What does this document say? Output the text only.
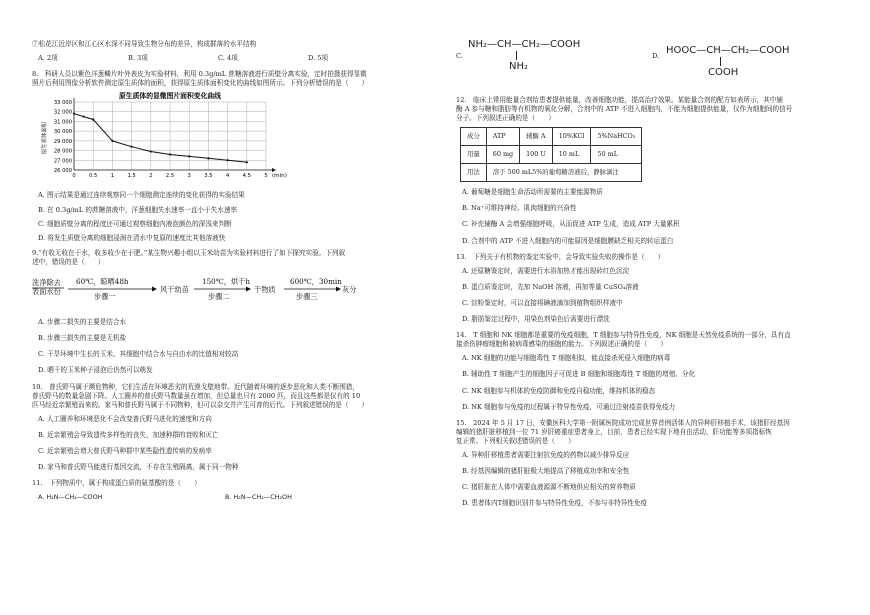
⑦松花江近岸区和江心区水深不同导致生物分布的差异，构成群落的水平结构
A. 2项	B. 3项	C. 4项	D. 5项
8.　科研人员以紫色洋葱鳞片叶外表皮为实验材料，利用 0.3g/mL 蔗糖溶液进行质壁分离实验，定时拍摄获得显微
照片后利用图像分析软件测定原生质体的面积，获得原生质体面积变化的曲线如图所示。下列分析错误的是（　　）
原生质体的显微图片面积变化曲线
原生质体面积
26 000
27 000
28 000
29 000
30 000
31 000
32 000
33 000
0	0.5	1	1.5	2	2.5	3	3.5	4	4.5	5 (min)
A. 图示结果是通过连续观察同一个细胞测定连续的变化获得的实验结果
B. 在 0.3g/mL 的蔗糖溶液中，洋葱细胞失水速率一直小于失水速率
C. 细胞质壁分离的程度还可通过观察细胞内液泡颜色的深浅来判断
D. 将发生质壁分离的细胞浸润在清水中复原的速度比其他溶液快
9.“有收无收在于水，收多收少在于肥。”某生物兴趣小组以玉米幼苗为实验材料进行了如下探究实验。下列叙
述中，错误的是（　　）
洗净除去
表面水份
60℃，晾晒48h
步骤一
风干幼苗
150℃，烘干h
步骤二
干物质
600℃，30min
步骤三
灰分
A. 步骤二损失的主要是结合水
B. 步骤三损失的主要是无机盐
C. 干旱环境中生长的玉米，其细胞中结合水与自由水的比值相对较高
D. 晒干的玉米种子浸泡后仍然可以萌发
10.　普氏野马属于濒危物种，它们生活在环境恶劣的荒漠戈壁地带。近代随着环境的逐步恶化和人类不断围猎，
普氏野马的数量急剧下降。人工圈养的普氏野马数量虽在增加，但总量也只有 2000 匹，而且这些都是仅有的 10
匹马经近亲繁殖而来的。家马和普氏野马属于不同物种，但可以杂交并产生可育的后代。下列叙述错误的是（　　）
A. 人工圈养和环境恶化不会改变普氏野马进化的速度和方向
B. 近亲繁殖会导致遗传多样性的丧失，加速种群的衰败和灭亡
C. 近亲繁殖会增大普氏野马种群中某些隐性遗传病的发病率
D. 家马和普氏野马能进行基因交流，不存在生殖隔离，属于同一物种
11.　下列物质中，属于构成蛋白质的氨基酸的是（　　）
A. H₂N—CH₂—COOH	B. H₂N—CH₂—CH₂OH
C.
NH₂—CH—CH₂—COOH
NH₂
D. HOOC—CH—CH₂—COOH
COOH
12.　临床上常用能量合剂给患者提供能量，改善细胞功能，提高治疗效果。某能量合剂的配方如表所示，其中辅
酶 A 参与糖和脂肪等有机物的氧化分解，合剂中的 ATP 不进入细胞内，不能为细胞提供能量，仅作为细胞间的信号
分子。下列叙述正确的是（　　）
成分	ATP	辅酶 A	10%KCl	5%NaHCO₃
用量	60 mg	100 U	10 mL	50 mL
用法	溶于 500 mL5%的葡萄糖溶液后，静脉滴注			
A. 葡萄糖是细胞生命活动所需要的主要能源物质
B. Na⁺可维持神经、肌肉细胞的兴奋性
C. 补充辅酶 A 会增强细胞呼吸，从而促进 ATP 生成，造成 ATP 大量累积
D. 合剂中的 ATP 不进入细胞内的可能原因是细胞膜缺乏相关的转运蛋白
13.　下列关于有机物的鉴定实验中，会导致实验失败的操作是（　　）
A. 还原糖鉴定时，需要进行水浴加热才能出现砖红色沉淀
B. 蛋白质鉴定时，先加 NaOH 溶液，再加等量 CuSO₄溶液
C. 淀粉鉴定时，可以直接将碘液滴加到植物组织样液中
D. 脂肪鉴定过程中，用染色剂染色后需要进行漂洗
14.　T 细胞和 NK 细胞都是重要的免疫细胞，T 细胞参与特异性免疫，NK 细胞是天然免疫系统的一部分，具有直
接杀伤肿瘤细胞和被病毒感染的细胞的能力。下列叙述正确的是（　　）
A. NK 细胞的功能与细胞毒性 T 细胞相似，能直接杀死侵入细胞的病毒
B. 辅助性 T 细胞产生的细胞因子可促进 B 细胞和细胞毒性 T 细胞的增殖、分化
C. NK 细胞参与机体的免疫防御和免疫自稳功能，维持机体的稳态
D. NK 细胞参与免疫的过程属于特异性免疫，可通过注射疫苗获得免疫力
15.　2024 年 5 月 17 日，安徽医科大学第一附属医院成功完成世界首例活体人的异种肝移植手术，该猪肝经基因
编辑的猪肝脏移植到一位 71 岁肝癌重症患者身上，目前，患者已经实现下地自由活动，肝功能等多项指标恢
复正常。下列相关叙述错误的是（　　）
A. 异种肝移植患者需要注射抗免疫的药物以减少排异反应
B. 经基因编辑的猪肝脏极大地提高了移植成功率和安全性
C. 猪肝脏在人体中需要血液源源不断地供应相关的营养物质
D. 患者体内T细胞识别并参与特异性免疫，不参与非特异性免疫
